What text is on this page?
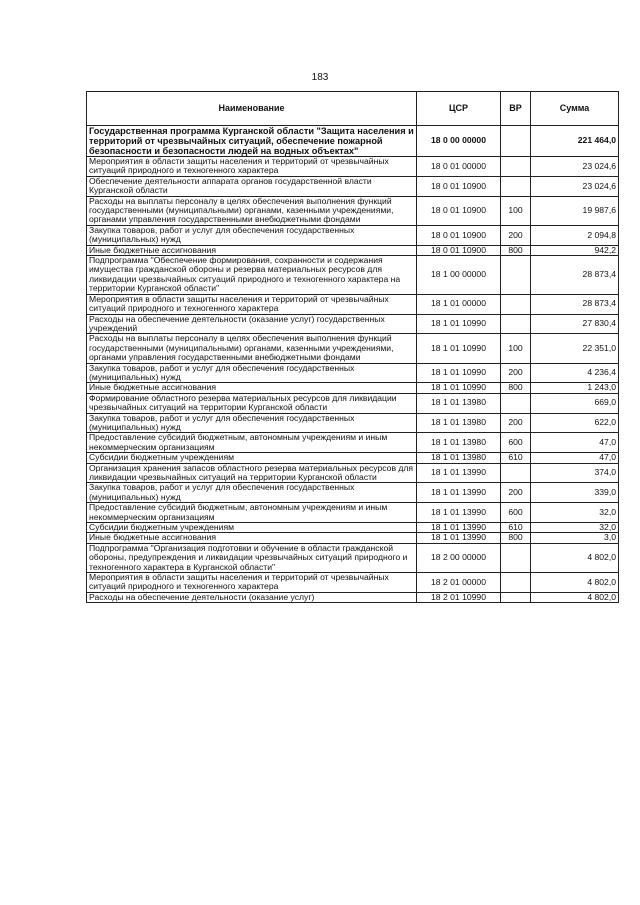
183
Наименование	ЦСР	ВР	Сумма
Государственная программа Курганской области "Защита населения и территорий от чрезвычайных ситуаций, обеспечение пожарной безопасности и безопасности людей на водных объектах"	18 0 00 00000		221 464,0
Мероприятия в области защиты населения и территорий от чрезвычайных ситуаций природного и техногенного характера	18 0 01 00000		23 024,6
Обеспечение деятельности аппарата органов государственной власти Курганской области	18 0 01 10900		23 024,6
Расходы на выплаты персоналу в целях обеспечения выполнения функций государственными (муниципальными) органами, казенными учреждениями, органами управления государственными внебюджетными фондами	18 0 01 10900	100	19 987,6
Закупка товаров, работ и услуг для обеспечения государственных (муниципальных) нужд	18 0 01 10900	200	2 094,8
Иные бюджетные ассигнования	18 0 01 10900	800	942,2
Подпрограмма "Обеспечение формирования, сохранности и содержания имущества гражданской обороны и резерва материальных ресурсов для ликвидации чрезвычайных ситуаций природного и техногенного характера на территории Курганской области"	18 1 00 00000		28 873,4
Мероприятия в области защиты населения и территорий от чрезвычайных ситуаций природного и техногенного характера	18 1 01 00000		28 873,4
Расходы на обеспечение деятельности (оказание услуг) государственных учреждений	18 1 01 10990		27 830,4
Расходы на выплаты персоналу в целях обеспечения выполнения функций государственными (муниципальными) органами, казенными учреждениями, органами управления государственными внебюджетными фондами	18 1 01 10990	100	22 351,0
Закупка товаров, работ и услуг для обеспечения государственных (муниципальных) нужд	18 1 01 10990	200	4 236,4
Иные бюджетные ассигнования	18 1 01 10990	800	1 243,0
Формирование областного резерва материальных ресурсов для ликвидации чрезвычайных ситуаций на территории Курганской области	18 1 01 13980		669,0
Закупка товаров, работ и услуг для обеспечения государственных (муниципальных) нужд	18 1 01 13980	200	622,0
Предоставление субсидий бюджетным, автономным учреждениям и иным некоммерческим организациям	18 1 01 13980	600	47,0
Субсидии бюджетным учреждениям	18 1 01 13980	610	47,0
Организация хранения запасов областного резерва материальных ресурсов для ликвидации чрезвычайных ситуаций на территории Курганской области	18 1 01 13990		374,0
Закупка товаров, работ и услуг для обеспечения государственных (муниципальных) нужд	18 1 01 13990	200	339,0
Предоставление субсидий бюджетным, автономным учреждениям и иным некоммерческим организациям	18 1 01 13990	600	32,0
Субсидии бюджетным учреждениям	18 1 01 13990	610	32,0
Иные бюджетные ассигнования	18 1 01 13990	800	3,0
Подпрограмма "Организация подготовки и обучение в области гражданской обороны, предупреждения и ликвидации чрезвычайных ситуаций природного и техногенного характера в Курганской области"	18 2 00 00000		4 802,0
Мероприятия в области защиты населения и территорий от чрезвычайных ситуаций природного и техногенного характера	18 2 01 00000		4 802,0
Расходы на обеспечение деятельности (оказание услуг)	18 2 01 10990		4 802,0
